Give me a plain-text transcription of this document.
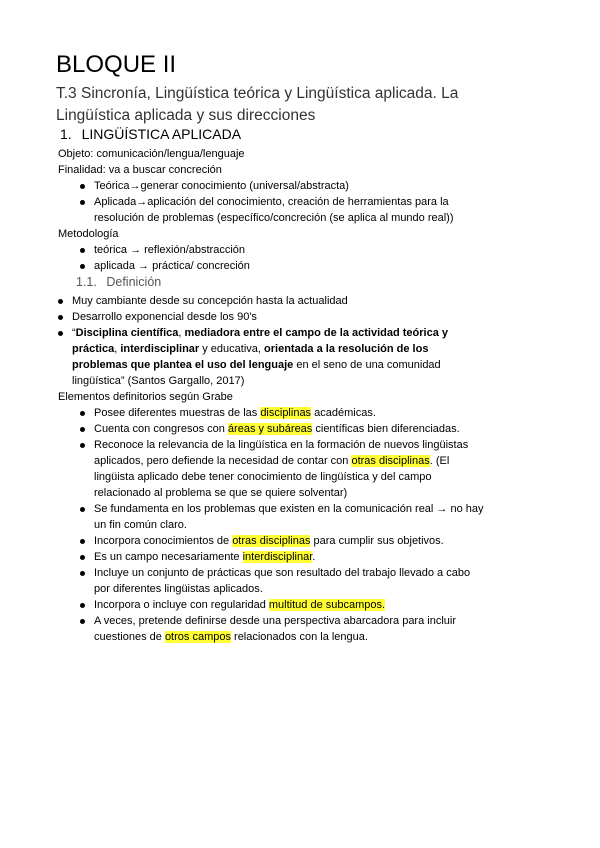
BLOQUE II
T.3 Sincronía, Lingüística teórica y Lingüística aplicada. La
Lingüística aplicada y sus direcciones
1. LINGÜÍSTICA APLICADA
Objeto: comunicación/lengua/lenguaje
Finalidad: va a buscar concreción
Teórica→generar conocimiento (universal/abstracta)
Aplicada→aplicación del conocimiento, creación de herramientas para la
resolución de problemas (específico/concreción (se aplica al mundo real))
Metodología
teórica → reflexión/abstracción
aplicada → práctica/ concreción
1.1. Definición
Muy cambiante desde su concepción hasta la actualidad
Desarrollo exponencial desde los 90's
“Disciplina científica, mediadora entre el campo de la actividad teórica y
práctica, interdisciplinar y educativa, orientada a la resolución de los
problemas que plantea el uso del lenguaje en el seno de una comunidad
lingüística” (Santos Gargallo, 2017)
Elementos definitorios según Grabe
Posee diferentes muestras de las disciplinas académicas.
Cuenta con congresos con áreas y subáreas científicas bien diferenciadas.
Reconoce la relevancia de la lingüística en la formación de nuevos lingüistas
aplicados, pero defiende la necesidad de contar con otras disciplinas. (El
lingüista aplicado debe tener conocimiento de lingüística y del campo
relacionado al problema se que se quiere solventar)
Se fundamenta en los problemas que existen en la comunicación real → no hay
un fin común claro.
Incorpora conocimientos de otras disciplinas para cumplir sus objetivos.
Es un campo necesariamente interdisciplinar.
Incluye un conjunto de prácticas que son resultado del trabajo llevado a cabo
por diferentes lingüistas aplicados.
Incorpora o incluye con regularidad multitud de subcampos.
A veces, pretende definirse desde una perspectiva abarcadora para incluir
cuestiones de otros campos relacionados con la lengua.
